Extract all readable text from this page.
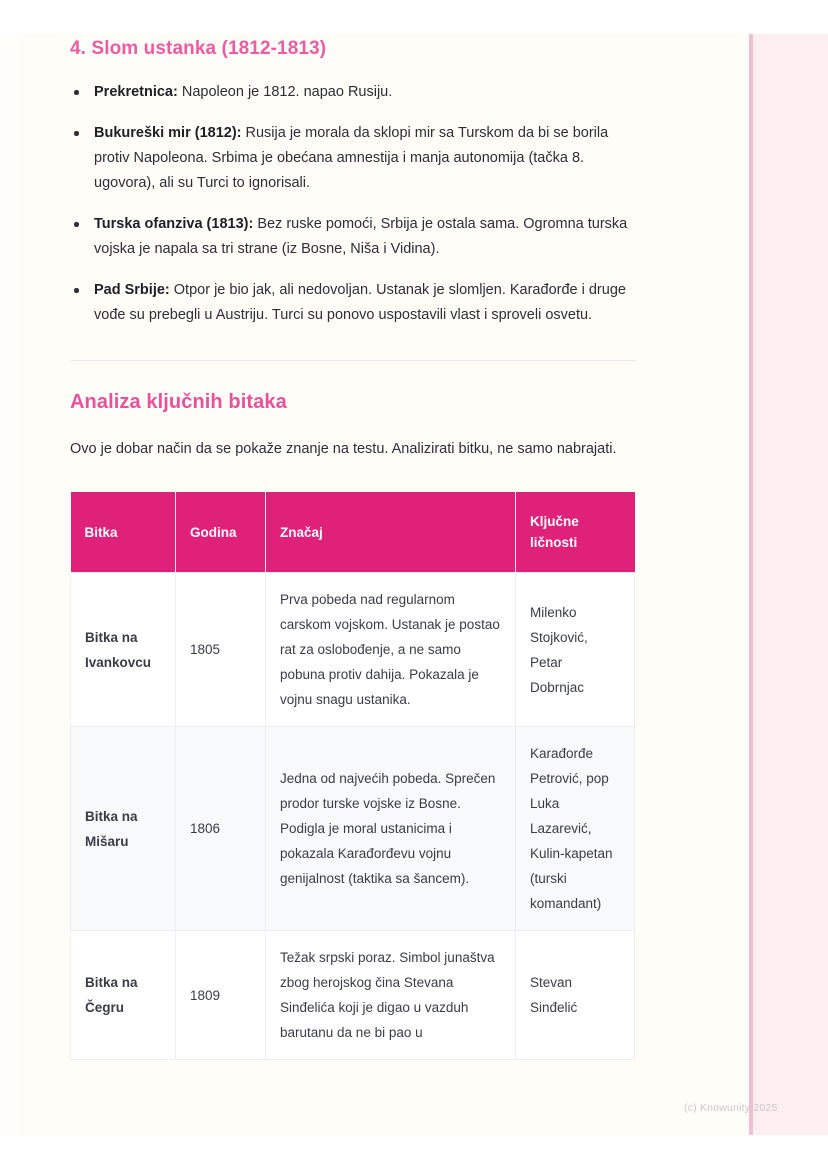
4. Slom ustanka (1812-1813)
Prekretnica: Napoleon je 1812. napao Rusiju.
Bukureški mir (1812): Rusija je morala da sklopi mir sa Turskom da bi se borila protiv Napoleona. Srbima je obećana amnestija i manja autonomija (tačka 8. ugovora), ali su Turci to ignorisali.
Turska ofanziva (1813): Bez ruske pomoći, Srbija je ostala sama. Ogromna turska vojska je napala sa tri strane (iz Bosne, Niša i Vidina).
Pad Srbije: Otpor je bio jak, ali nedovoljan. Ustanak je slomljen. Karađorđe i druge vođe su prebegli u Austriju. Turci su ponovo uspostavili vlast i sproveli osvetu.
Analiza ključnih bitaka

Ovo je dobar način da se pokaže znanje na testu. Analizirati bitku, ne samo nabrajati.

Bitka	Godina	Značaj	Ključne ličnosti
Bitka na Ivankovcu	1805	Prva pobeda nad regularnom carskom vojskom. Ustanak je postao rat za oslobođenje, a ne samo pobuna protiv dahija. Pokazala je vojnu snagu ustanika.	Milenko Stojković, Petar Dobrnjac
Bitka na Mišaru	1806	Jedna od najvećih pobeda. Sprečen prodor turske vojske iz Bosne. Podigla je moral ustanicima i pokazala Karađorđevu vojnu genijalnost (taktika sa šancem).	Karađorđe Petrović, pop Luka Lazarević, Kulin-kapetan (turski komandant)
Bitka na Čegru	1809	Težak srpski poraz. Simbol junaštva zbog herojskog čina Stevana Sinđelića koji je digao u vazduh barutanu da ne bi pao u	Stevan Sinđelić
(c) Knowunity 2025
